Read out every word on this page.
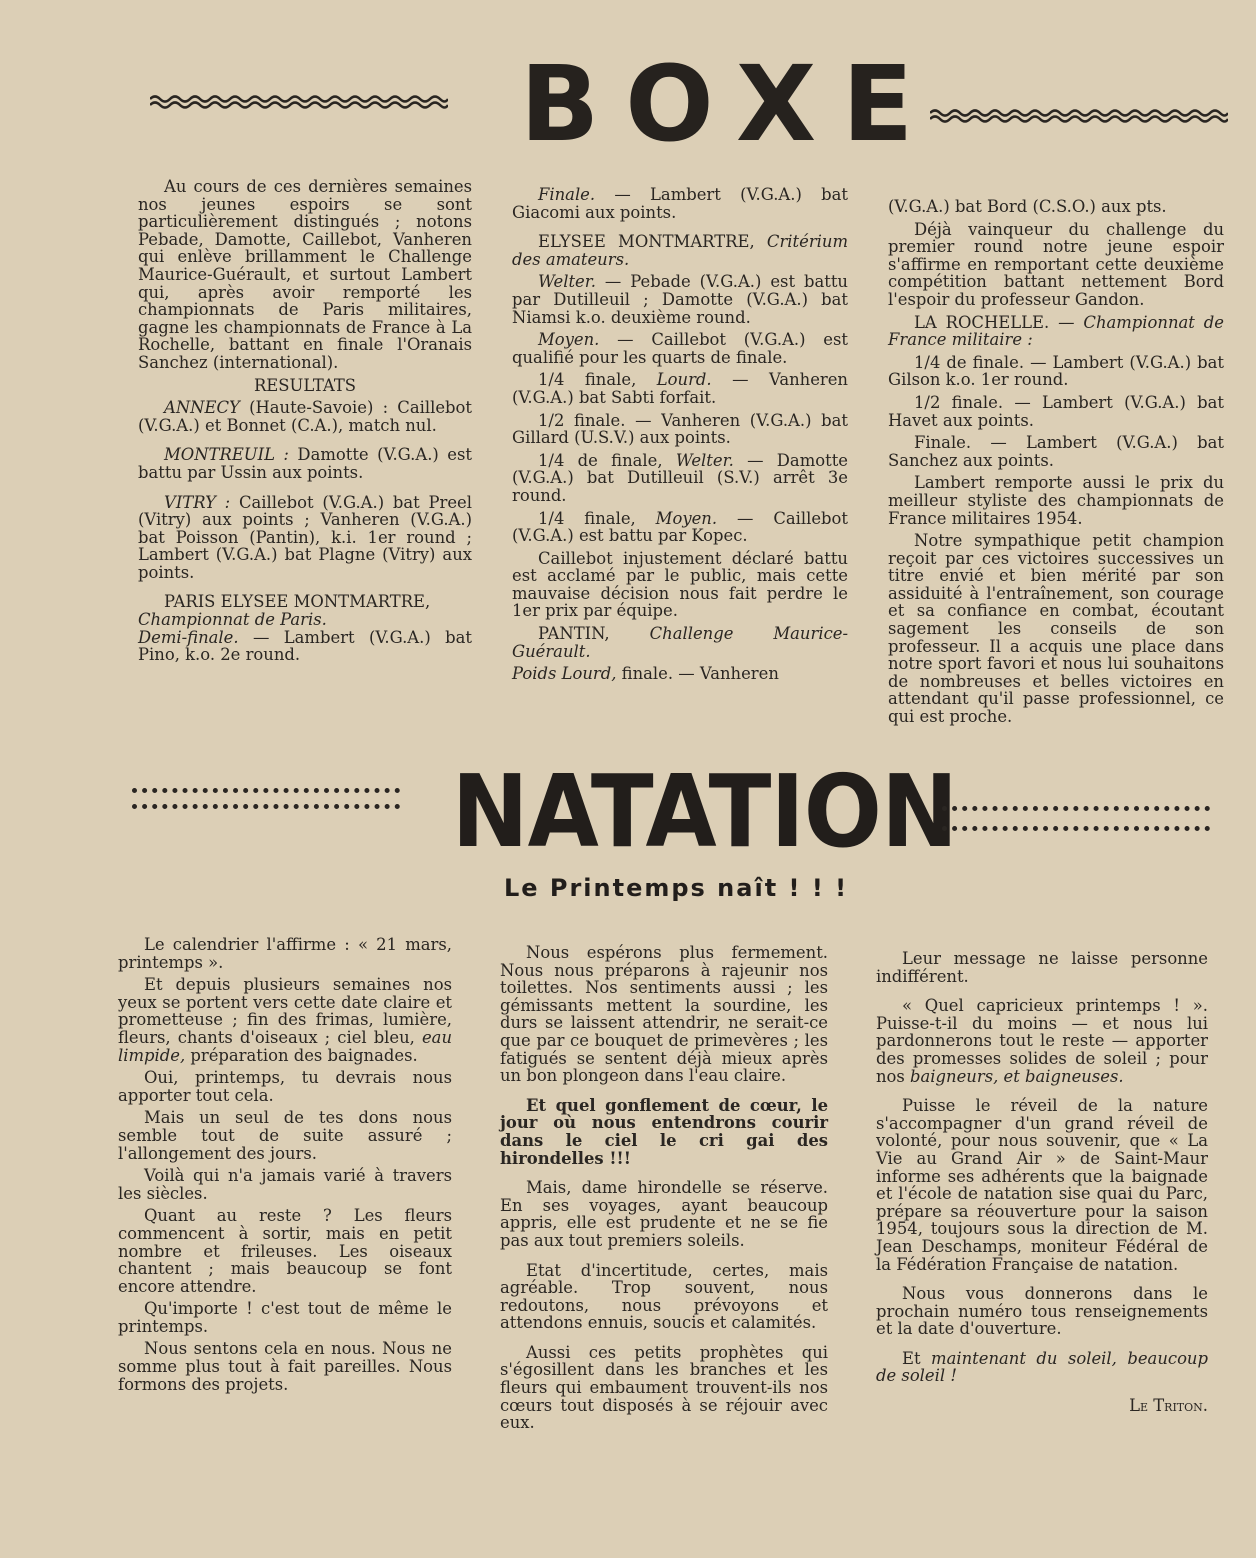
BOXE

Au cours de ces dernières semaines nos jeunes espoirs se sont particulièrement distingués ; notons Pebade, Damotte, Caillebot, Vanheren qui enlève brillamment le Challenge Maurice-Guérault, et surtout Lambert qui, après avoir remporté les championnats de Paris militaires, gagne les championnats de France à La Rochelle, battant en finale l'Oranais Sanchez (international).

RESULTATS

ANNECY (Haute-Savoie) : Caillebot (V.G.A.) et Bonnet (C.A.), match nul.

MONTREUIL : Damotte (V.G.A.) est battu par Ussin aux points.

VITRY : Caillebot (V.G.A.) bat Preel (Vitry) aux points ; Vanheren (V.G.A.) bat Poisson (Pantin), k.i. 1er round ; Lambert (V.G.A.) bat Plagne (Vitry) aux points.

PARIS ELYSEE MONTMARTRE,

Championnat de Paris.

Demi-finale. — Lambert (V.G.A.) bat Pino, k.o. 2e round.

Finale. — Lambert (V.G.A.) bat Giacomi aux points.

ELYSEE MONTMARTRE, Critérium des amateurs.

Welter. — Pebade (V.G.A.) est battu par Dutilleuil ; Damotte (V.G.A.) bat Niamsi k.o. deuxième round.

Moyen. — Caillebot (V.G.A.) est qualifié pour les quarts de finale.

1/4 finale, Lourd. — Vanheren (V.G.A.) bat Sabti forfait.

1/2 finale. — Vanheren (V.G.A.) bat Gillard (U.S.V.) aux points.

1/4 de finale, Welter. — Damotte (V.G.A.) bat Dutilleuil (S.V.) arrêt 3e round.

1/4 finale, Moyen. — Caillebot (V.G.A.) est battu par Kopec.

Caillebot injustement déclaré battu est acclamé par le public, mais cette mauvaise décision nous fait perdre le 1er prix par équipe.

PANTIN, Challenge Maurice-Guérault.

Poids Lourd, finale. — Vanheren

(V.G.A.) bat Bord (C.S.O.) aux pts.

Déjà vainqueur du challenge du premier round notre jeune espoir s'affirme en remportant cette deuxième compétition battant nettement Bord l'espoir du professeur Gandon.

LA ROCHELLE. — Championnat de France militaire :

1/4 de finale. — Lambert (V.G.A.) bat Gilson k.o. 1er round.

1/2 finale. — Lambert (V.G.A.) bat Havet aux points.

Finale. — Lambert (V.G.A.) bat Sanchez aux points.

Lambert remporte aussi le prix du meilleur styliste des championnats de France militaires 1954.

Notre sympathique petit champion reçoit par ces victoires successives un titre envié et bien mérité par son assiduité à l'entraînement, son courage et sa confiance en combat, écoutant sagement les conseils de son professeur. Il a acquis une place dans notre sport favori et nous lui souhaitons de nombreuses et belles victoires en attendant qu'il passe professionnel, ce qui est proche.

NATATION
Le Printemps naît ! ! !

Le calendrier l'affirme : « 21 mars, printemps ».

Et depuis plusieurs semaines nos yeux se portent vers cette date claire et prometteuse ; fin des frimas, lumière, fleurs, chants d'oiseaux ; ciel bleu, eau limpide, préparation des baignades.

Oui, printemps, tu devrais nous apporter tout cela.

Mais un seul de tes dons nous semble tout de suite assuré ; l'allongement des jours.

Voilà qui n'a jamais varié à travers les siècles.

Quant au reste ? Les fleurs commencent à sortir, mais en petit nombre et frileuses. Les oiseaux chantent ; mais beaucoup se font encore attendre.

Qu'importe ! c'est tout de même le printemps.

Nous sentons cela en nous. Nous ne somme plus tout à fait pareilles. Nous formons des projets.

Nous espérons plus fermement. Nous nous préparons à rajeunir nos toilettes. Nos sentiments aussi ; les gémissants mettent la sourdine, les durs se laissent attendrir, ne serait-ce que par ce bouquet de primevères ; les fatigués se sentent déjà mieux après un bon plongeon dans l'eau claire.

Et quel gonflement de cœur, le jour où nous entendrons courir dans le ciel le cri gai des hirondelles !!!

Mais, dame hirondelle se réserve. En ses voyages, ayant beaucoup appris, elle est prudente et ne se fie pas aux tout premiers soleils.

Etat d'incertitude, certes, mais agréable. Trop souvent, nous redoutons, nous prévoyons et attendons ennuis, soucis et calamités.

Aussi ces petits prophètes qui s'égosillent dans les branches et les fleurs qui embaument trouvent-ils nos cœurs tout disposés à se réjouir avec eux.

Leur message ne laisse personne indifférent.

« Quel capricieux printemps ! ». Puisse-t-il du moins — et nous lui pardonnerons tout le reste — apporter des promesses solides de soleil ; pour nos baigneurs, et baigneuses.

Puisse le réveil de la nature s'accompagner d'un grand réveil de volonté, pour nous souvenir, que « La Vie au Grand Air » de Saint-Maur informe ses adhérents que la baignade et l'école de natation sise quai du Parc, prépare sa réouverture pour la saison 1954, toujours sous la direction de M. Jean Deschamps, moniteur Fédéral de la Fédération Française de natation.

Nous vous donnerons dans le prochain numéro tous renseignements et la date d'ouverture.

Et maintenant du soleil, beaucoup de soleil !

Le Triton.
